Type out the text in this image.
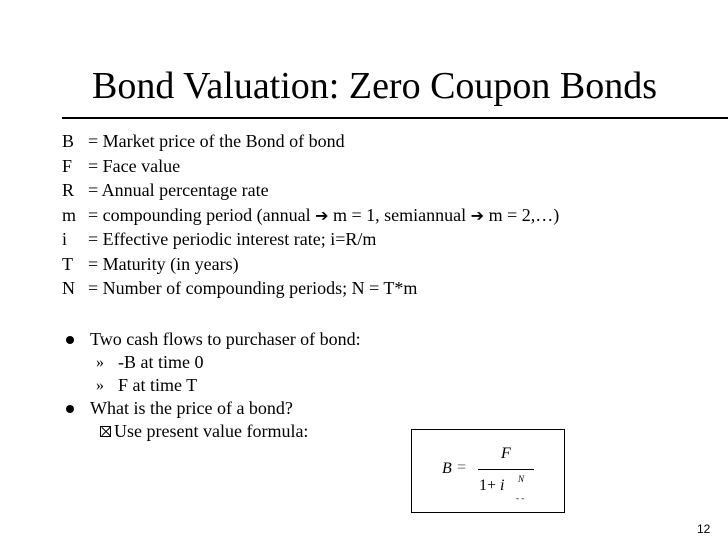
Bond Valuation: Zero Coupon Bonds
B = Market price of the Bond of bond
F = Face value
R = Annual percentage rate
m = compounding period (annual ➔ m = 1, semiannual ➔ m = 2,…)
i = Effective periodic interest rate; i=R/m
T = Maturity (in years)
N = Number of compounding periods; N = T*m
Two cash flows to purchaser of bond:
» -B at time 0
» F at time T
What is the price of a bond?
Use present value formula:
B =
F
1+ i N
- -
12
